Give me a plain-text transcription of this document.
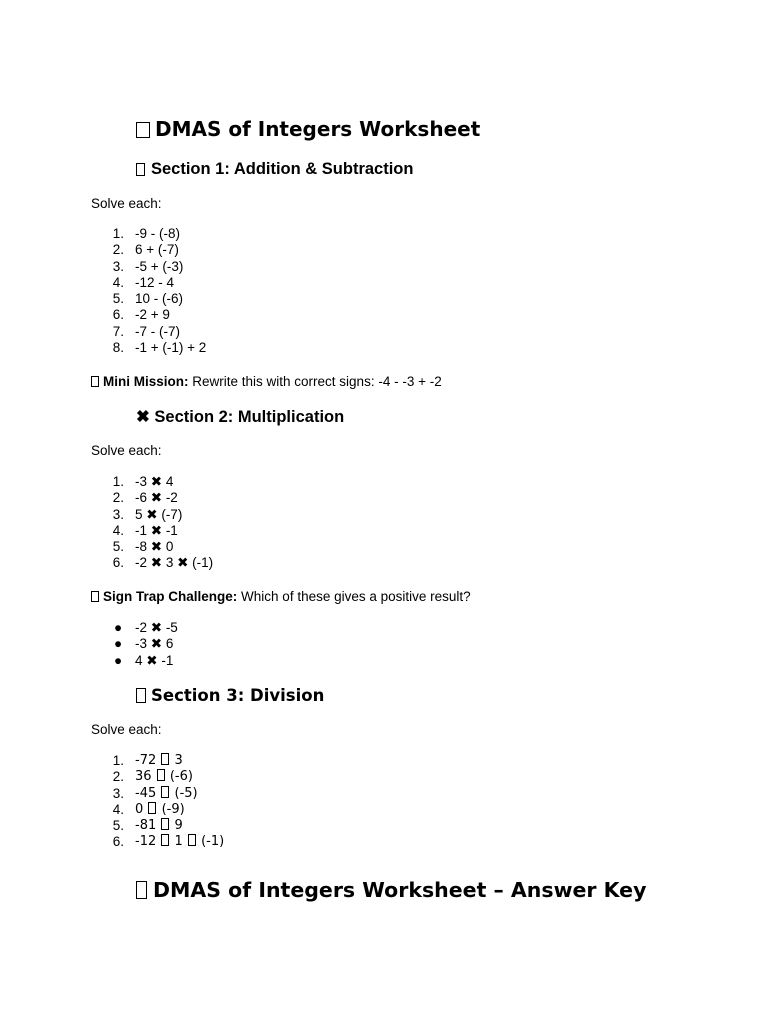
DMAS of Integers Worksheet
Section 1: Addition & Subtraction

Solve each:

1. -9 - (-8)
2. 6 + (-7)
3. -5 + (-3)
4. -12 - 4
5. 10 - (-6)
6. -2 + 9
7. -7 - (-7)
8. -1 + (-1) + 2

Mini Mission: Rewrite this with correct signs: -4 - -3 + -2

✖ Section 2: Multiplication

Solve each:

1. -3 ✖ 4
2. -6 ✖ -2
3. 5 ✖ (-7)
4. -1 ✖ -1
5. -8 ✖ 0
6. -2 ✖ 3 ✖ (-1)

Sign Trap Challenge: Which of these gives a positive result?

● -2 ✖ -5
● -3 ✖ 6
● 4 ✖ -1
Section 3: Division

Solve each:

1. -72 3
2. 36 (-6)
3. -45 (-5)
4. 0 (-9)
5. -81 9
6. -12 1 (-1)
DMAS of Integers Worksheet – Answer Key
